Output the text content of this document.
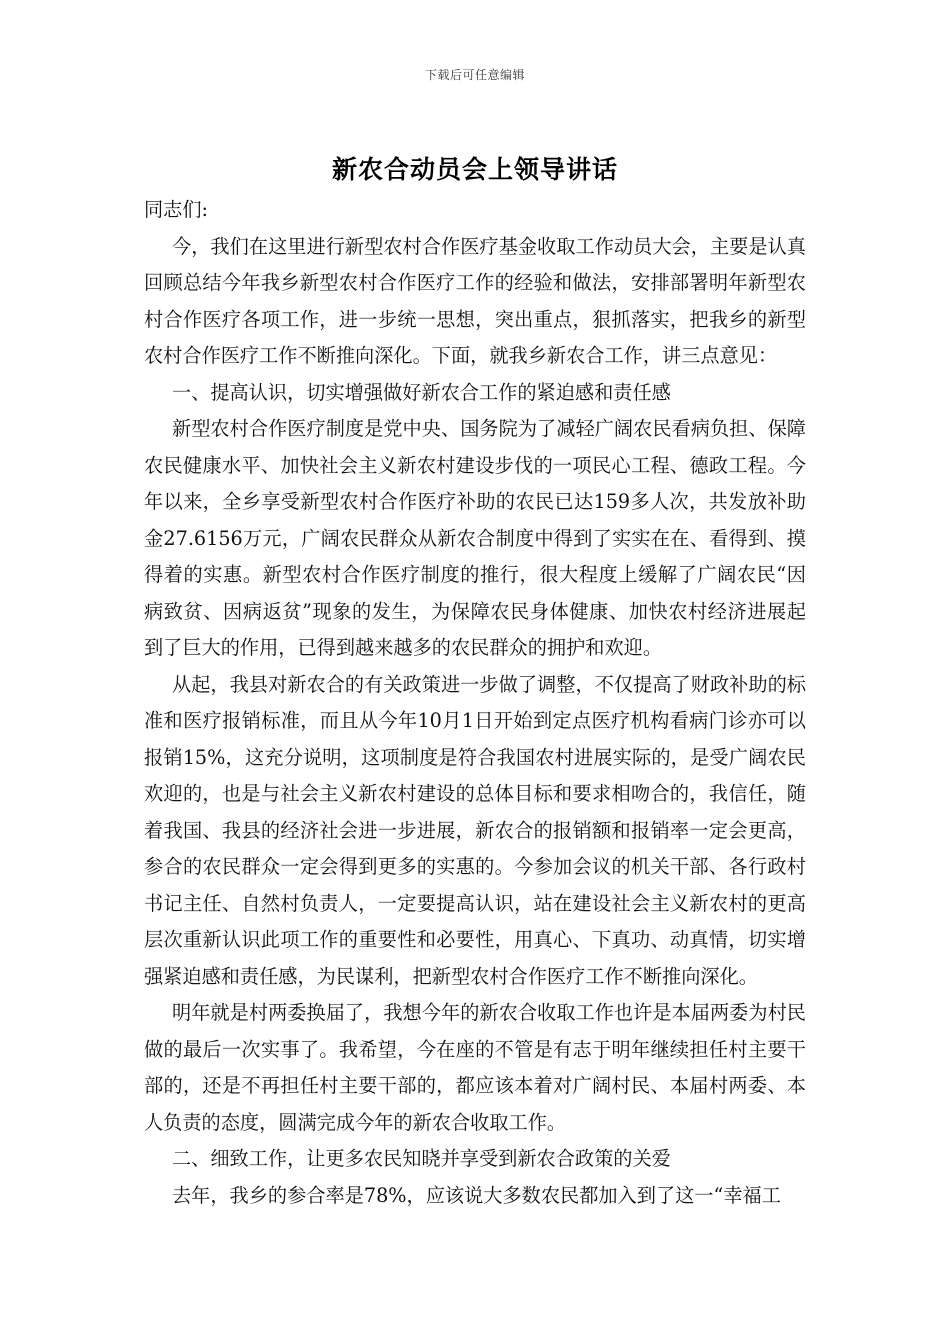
下载后可任意编辑
新农合动员会上领导讲话

同志们:

今，我们在这里进行新型农村合作医疗基金收取工作动员大会，主要是认真回顾总结今年我乡新型农村合作医疗工作的经验和做法，安排部署明年新型农村合作医疗各项工作，进一步统一思想，突出重点，狠抓落实，把我乡的新型农村合作医疗工作不断推向深化。下面，就我乡新农合工作，讲三点意见：

一、提高认识，切实增强做好新农合工作的紧迫感和责任感

新型农村合作医疗制度是党中央、国务院为了减轻广阔农民看病负担、保障农民健康水平、加快社会主义新农村建设步伐的一项民心工程、德政工程。今年以来，全乡享受新型农村合作医疗补助的农民已达159多人次，共发放补助金27.6156万元，广阔农民群众从新农合制度中得到了实实在在、看得到、摸得着的实惠。新型农村合作医疗制度的推行，很大程度上缓解了广阔农民“因病致贫、因病返贫”现象的发生，为保障农民身体健康、加快农村经济进展起到了巨大的作用，已得到越来越多的农民群众的拥护和欢迎。

从起，我县对新农合的有关政策进一步做了调整，不仅提高了财政补助的标准和医疗报销标准，而且从今年10月1日开始到定点医疗机构看病门诊亦可以报销15%，这充分说明，这项制度是符合我国农村进展实际的，是受广阔农民欢迎的，也是与社会主义新农村建设的总体目标和要求相吻合的，我信任，随着我国、我县的经济社会进一步进展，新农合的报销额和报销率一定会更高，参合的农民群众一定会得到更多的实惠的。今参加会议的机关干部、各行政村书记主任、自然村负责人，一定要提高认识，站在建设社会主义新农村的更高层次重新认识此项工作的重要性和必要性，用真心、下真功、动真情，切实增强紧迫感和责任感，为民谋利，把新型农村合作医疗工作不断推向深化。

明年就是村两委换届了，我想今年的新农合收取工作也许是本届两委为村民做的最后一次实事了。我希望，今在座的不管是有志于明年继续担任村主要干部的，还是不再担任村主要干部的，都应该本着对广阔村民、本届村两委、本人负责的态度，圆满完成今年的新农合收取工作。

二、细致工作，让更多农民知晓并享受到新农合政策的关爱

去年，我乡的参合率是78%，应该说大多数农民都加入到了这一“幸福工
